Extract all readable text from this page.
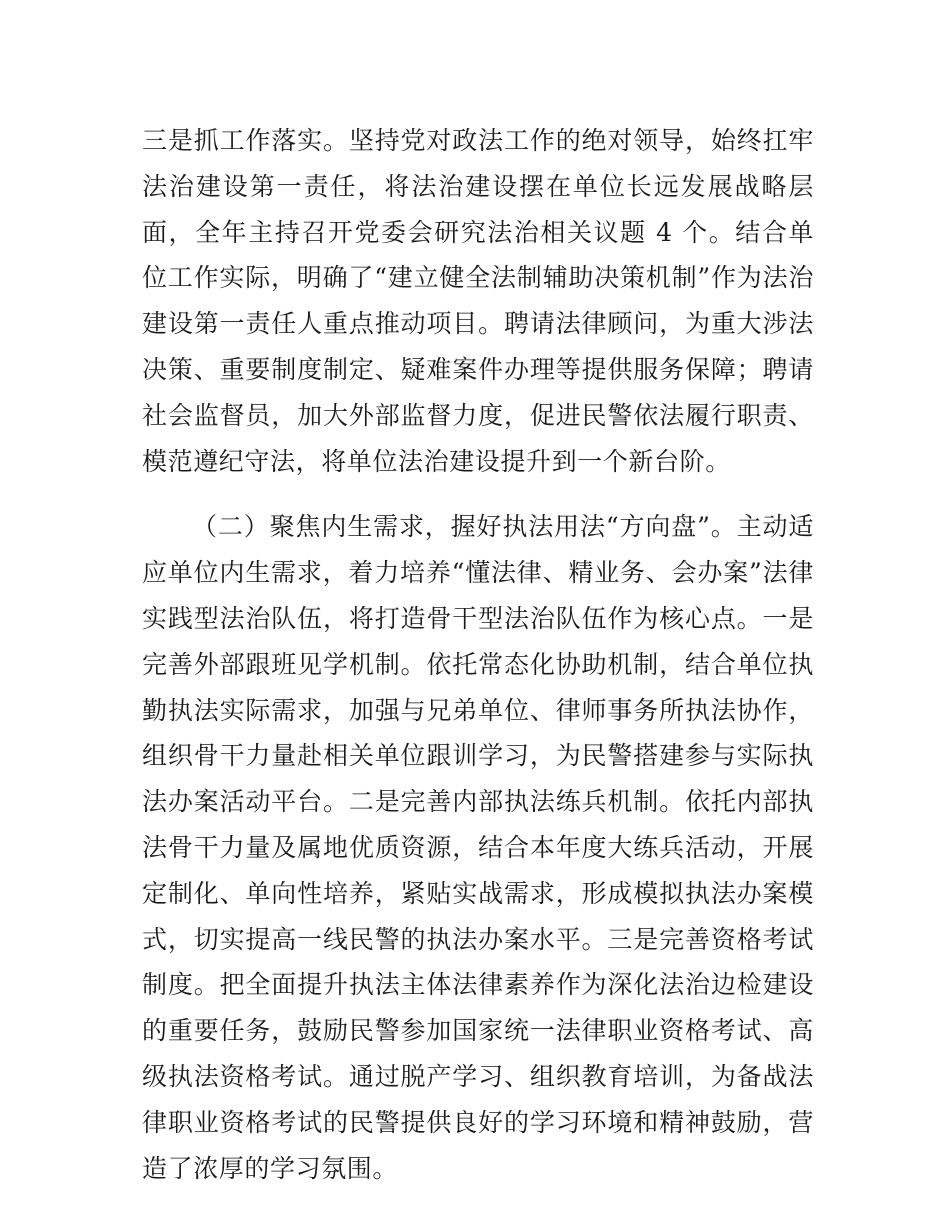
三是抓工作落实。坚持党对政法工作的绝对领导，始终扛牢法治建设第一责任，将法治建设摆在单位长远发展战略层面，全年主持召开党委会研究法治相关议题 4 个。结合单位工作实际，明确了“建立健全法制辅助决策机制”作为法治建设第一责任人重点推动项目。聘请法律顾问，为重大涉法决策、重要制度制定、疑难案件办理等提供服务保障；聘请社会监督员，加大外部监督力度，促进民警依法履行职责、模范遵纪守法，将单位法治建设提升到一个新台阶。

（二）聚焦内生需求，握好执法用法“方向盘”。主动适应单位内生需求，着力培养“懂法律、精业务、会办案”法律实践型法治队伍，将打造骨干型法治队伍作为核心点。一是完善外部跟班见学机制。依托常态化协助机制，结合单位执勤执法实际需求，加强与兄弟单位、律师事务所执法协作，组织骨干力量赴相关单位跟训学习，为民警搭建参与实际执法办案活动平台。二是完善内部执法练兵机制。依托内部执法骨干力量及属地优质资源，结合本年度大练兵活动，开展定制化、单向性培养，紧贴实战需求，形成模拟执法办案模式，切实提高一线民警的执法办案水平。三是完善资格考试制度。把全面提升执法主体法律素养作为深化法治边检建设的重要任务，鼓励民警参加国家统一法律职业资格考试、高级执法资格考试。通过脱产学习、组织教育培训，为备战法律职业资格考试的民警提供良好的学习环境和精神鼓励，营造了浓厚的学习氛围。
